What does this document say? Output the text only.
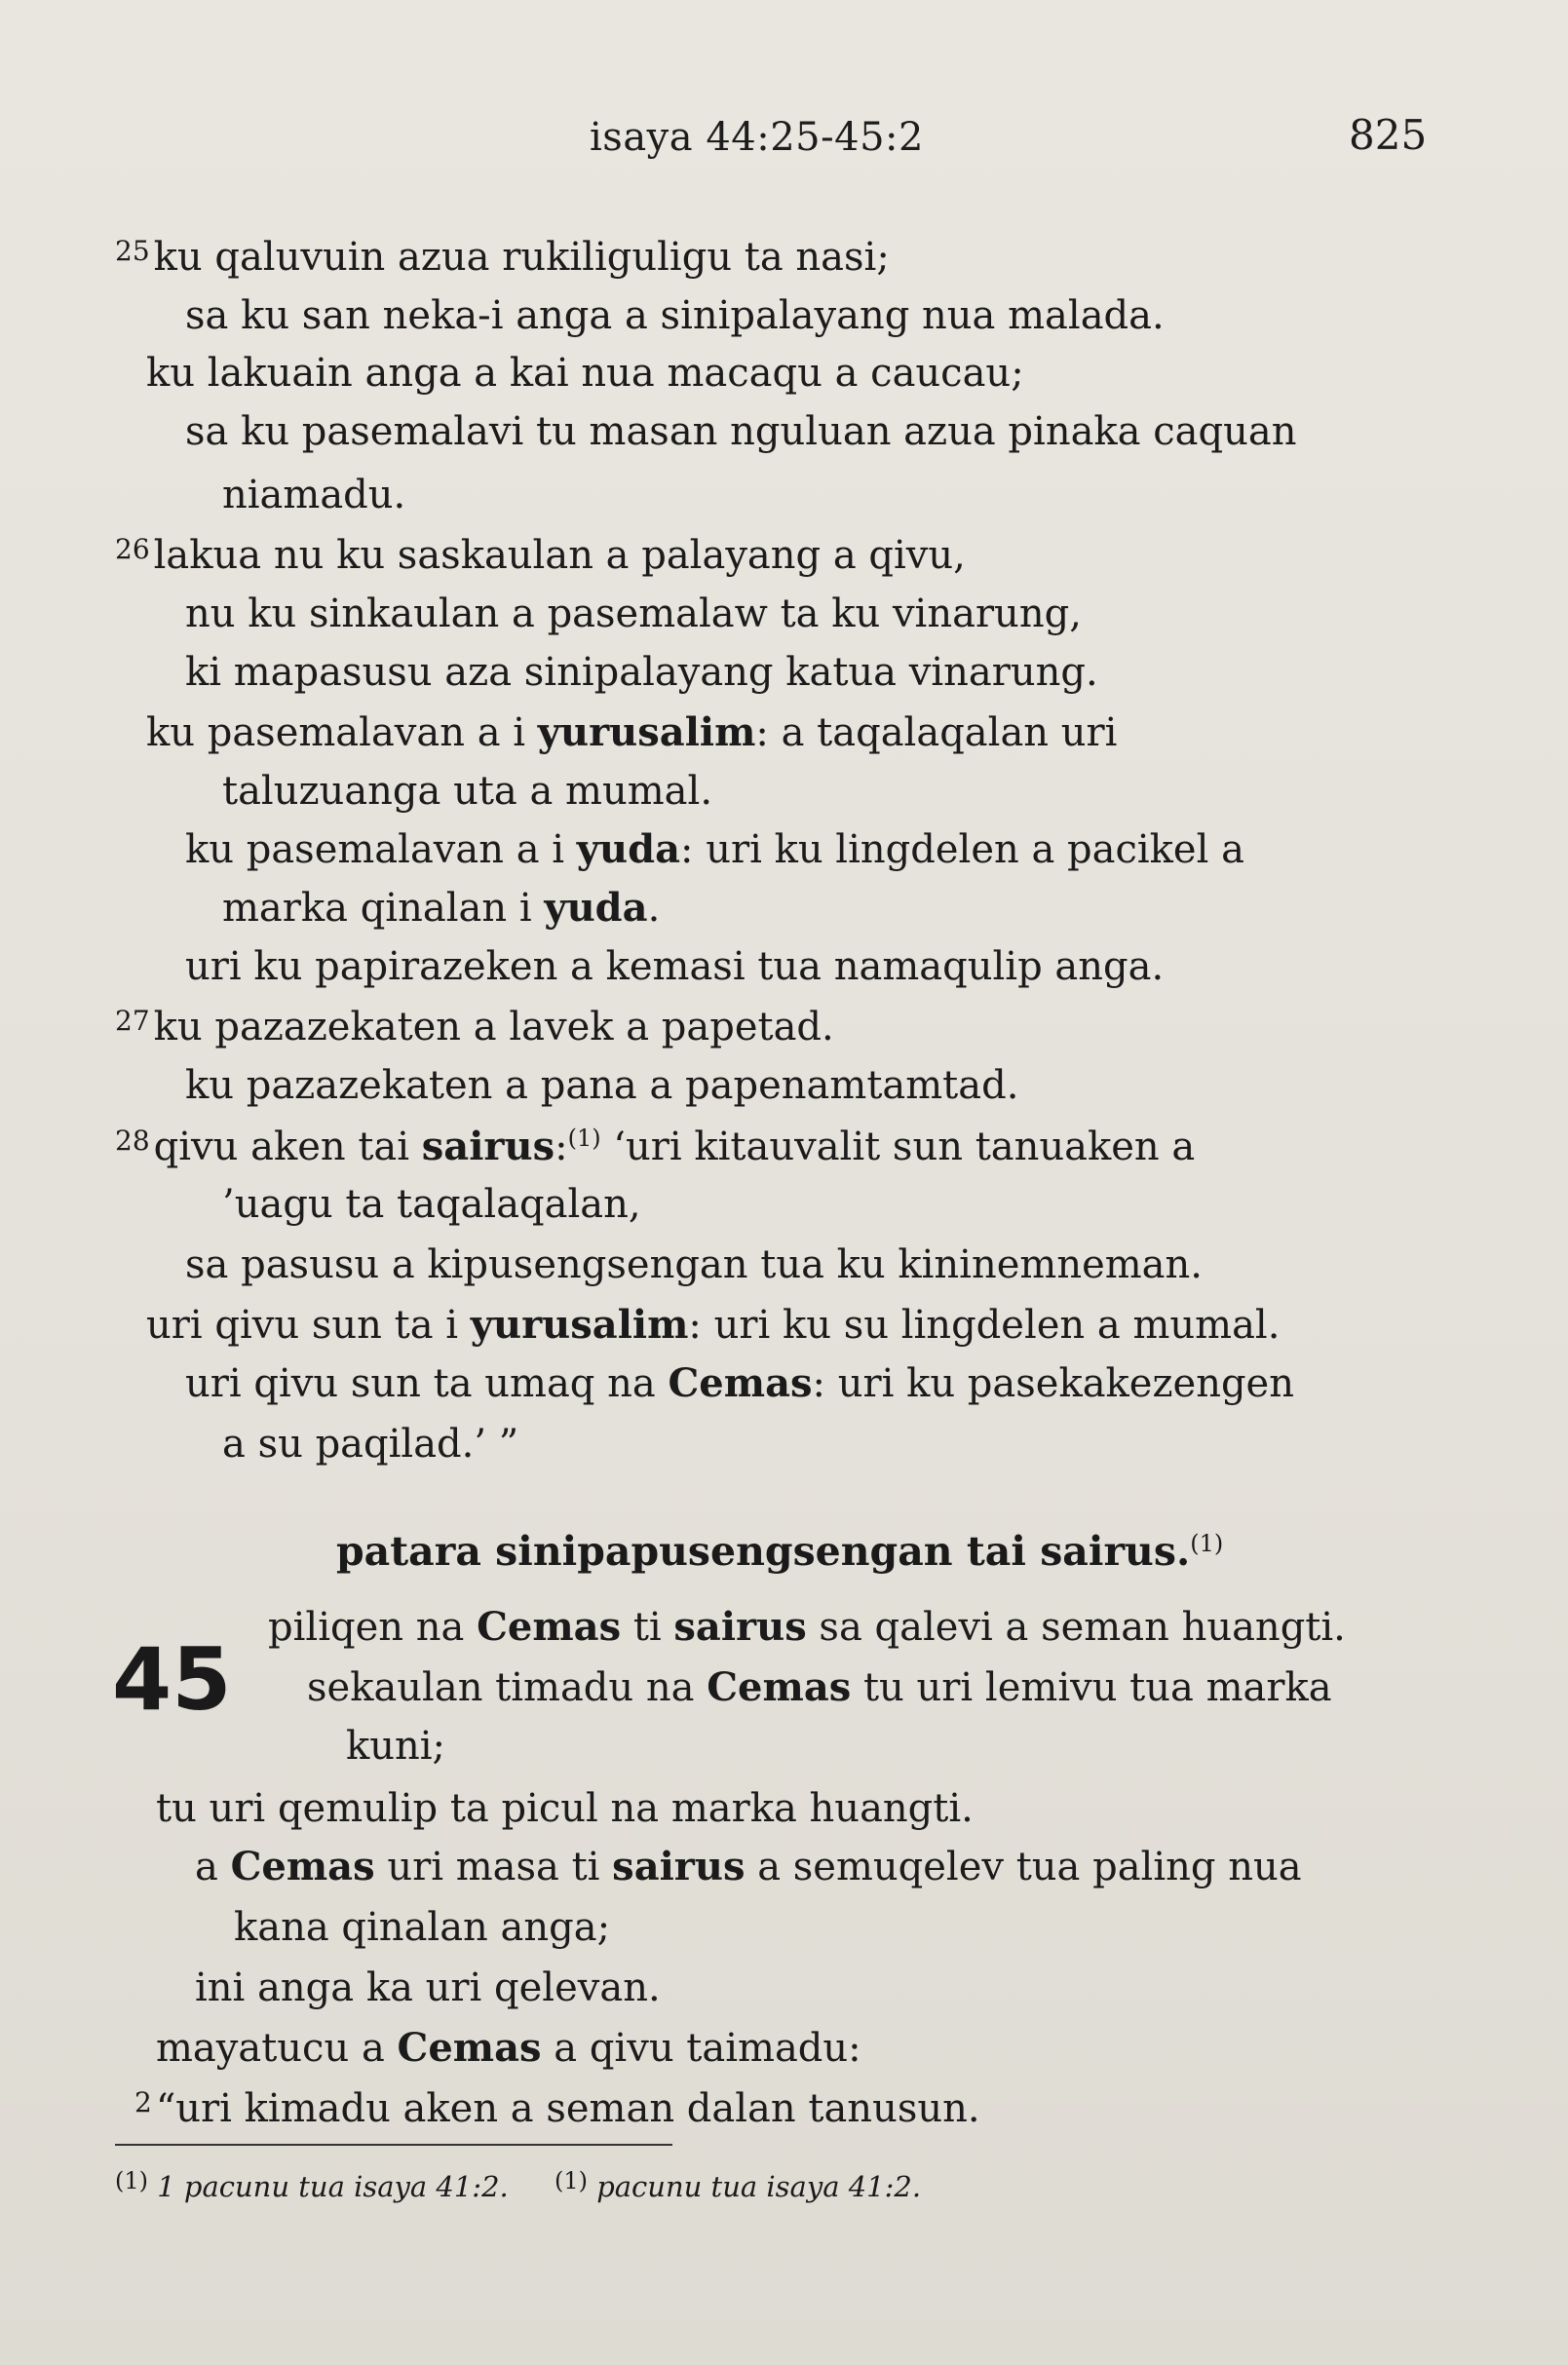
isaya 44:25-45:2	825
$^{25}$ ku qaluvuin azua rukiliguligu ta nasi;
sa ku san neka-i anga a sinipalayang nua malada.
ku lakuain anga a kai nua macaqu a caucau;
sa ku pasemalavi tu masan nguluan azua pinaka caquan
niamadu.
$^{26}$ lakua nu ku saskaulan a palayang a qivu,
nu ku sinkaulan a pasemalaw ta ku vinarung,
ki mapasusu aza sinipalayang katua vinarung.
ku pasemalavan a i yurusalim: a taqalaqalan uri
taluzuanga uta a mumal.
ku pasemalavan a i yuda: uri ku lingdelen a pacikel a
marka qinalan i yuda.
uri ku papirazeken a kemasi tua namaqulip anga.
$^{27}$ ku pazazekaten a lavek a papetad.
ku pazazekaten a pana a papenamtamtad.
$^{28}$ qivu aken tai sairus:$^{(1)}$ ‘uri kitauvalit sun tanuaken a
’uagu ta taqalaqalan,
sa pasusu a kipusengsengan tua ku kininemneman.
uri qivu sun ta i yurusalim: uri ku su lingdelen a mumal.
uri qivu sun ta umaq na Cemas: uri ku pasekakezengen
a su paqilad.’ ”
patara sinipapusengsengan tai sairus.$^{(1)}$
45
piliqen na Cemas ti sairus sa qalevi a seman huangti.
sekaulan timadu na Cemas tu uri lemivu tua marka
kuni;
tu uri qemulip ta picul na marka huangti.
a Cemas uri masa ti sairus a semuqelev tua paling nua
kana qinalan anga;
ini anga ka uri qelevan.
mayatucu a Cemas a qivu taimadu:
$^2$ “uri kimadu aken a seman dalan tanusun.
$^{(1)}$ 1 pacunu tua isaya 41:2. $^{(1)}$ pacunu tua isaya 41:2.
